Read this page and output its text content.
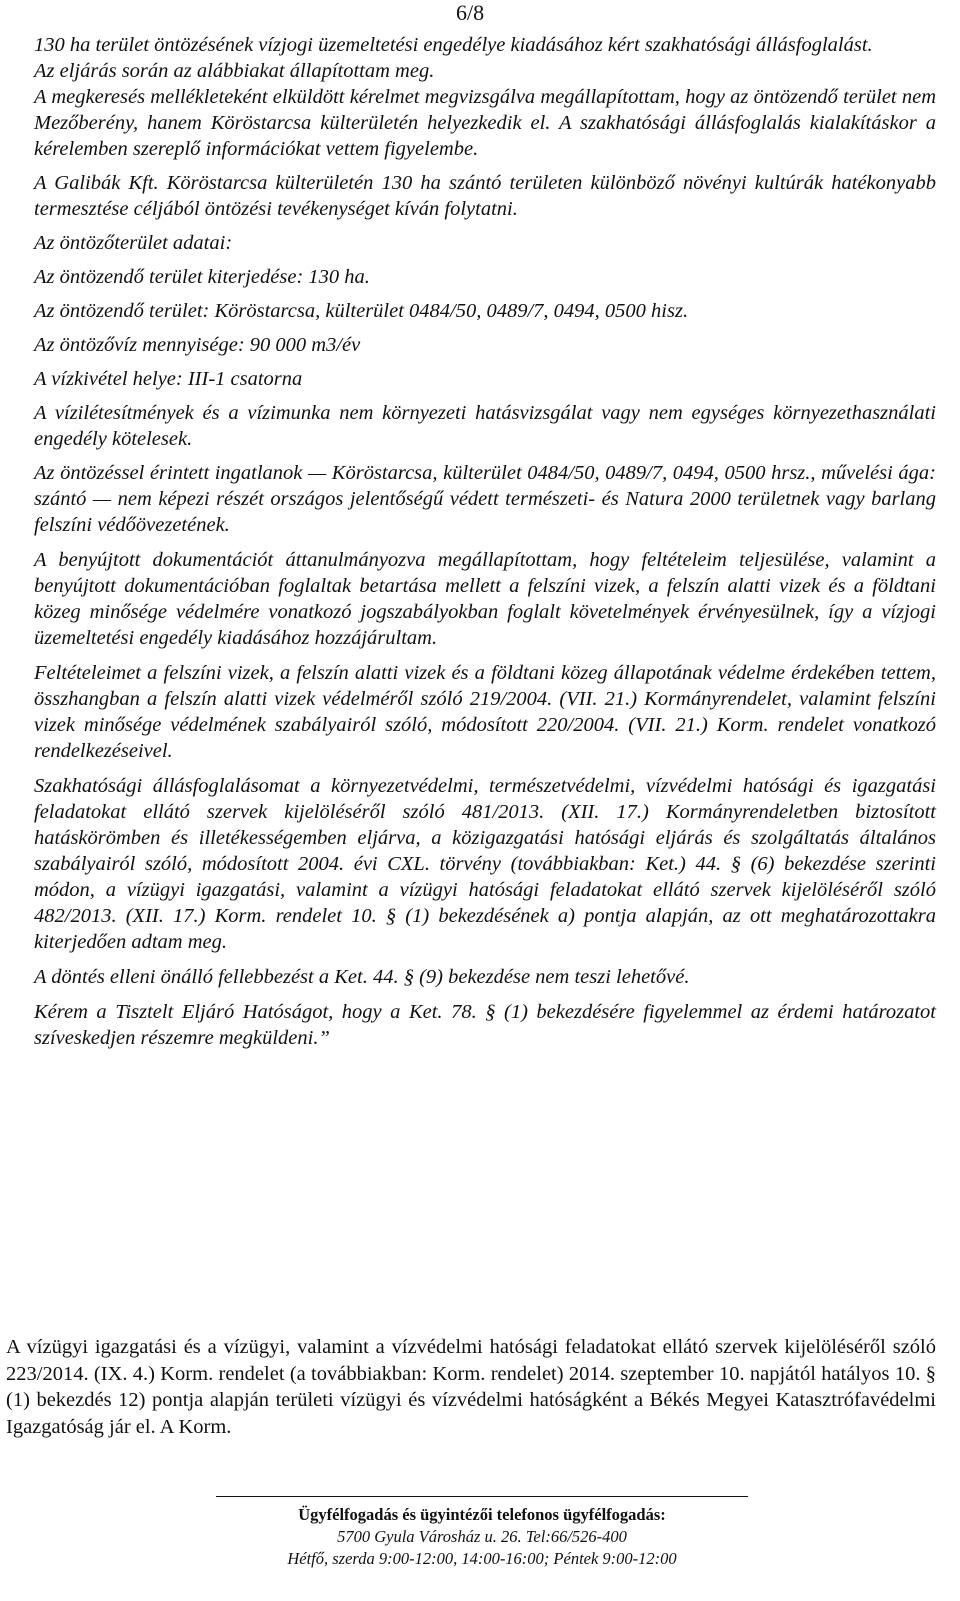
6/8

130 ha terület öntözésének vízjogi üzemeltetési engedélye kiadásához kért szakhatósági állásfoglalást.

Az eljárás során az alábbiakat állapítottam meg.

A megkeresés mellékleteként elküldött kérelmet megvizsgálva megállapítottam, hogy az öntözendő terület nem Mezőberény, hanem Köröstarcsa külterületén helyezkedik el. A szakhatósági állásfoglalás kialakításkor a kérelemben szereplő információkat vettem figyelembe.

A Galibák Kft. Köröstarcsa külterületén 130 ha szántó területen különböző növényi kultúrák hatékonyabb termesztése céljából öntözési tevékenységet kíván folytatni.

Az öntözőterület adatai:

Az öntözendő terület kiterjedése: 130 ha.

Az öntözendő terület: Köröstarcsa, külterület 0484/50, 0489/7, 0494, 0500 hisz.

Az öntözővíz mennyisége: 90 000 m3/év

A vízkivétel helye: III-1 csatorna

A vízilétesítmények és a vízimunka nem környezeti hatásvizsgálat vagy nem egységes környezethasználati engedély kötelesek.

Az öntözéssel érintett ingatlanok — Köröstarcsa, külterület 0484/50, 0489/7, 0494, 0500 hrsz., művelési ága: szántó — nem képezi részét országos jelentőségű védett természeti- és Natura 2000 területnek vagy barlang felszíni védőövezetének.

A benyújtott dokumentációt áttanulmányozva megállapítottam, hogy feltételeim teljesülése, valamint a benyújtott dokumentációban foglaltak betartása mellett a felszíni vizek, a felszín alatti vizek és a földtani közeg minősége védelmére vonatkozó jogszabályokban foglalt követelmények érvényesülnek, így a vízjogi üzemeltetési engedély kiadásához hozzájárultam.

Feltételeimet a felszíni vizek, a felszín alatti vizek és a földtani közeg állapotának védelme érdekében tettem, összhangban a felszín alatti vizek védelméről szóló 219/2004. (VII. 21.) Kormányrendelet, valamint felszíni vizek minősége védelmének szabályairól szóló, módosított 220/2004. (VII. 21.) Korm. rendelet vonatkozó rendelkezéseivel.

Szakhatósági állásfoglalásomat a környezetvédelmi, természetvédelmi, vízvédelmi hatósági és igazgatási feladatokat ellátó szervek kijelöléséről szóló 481/2013. (XII. 17.) Kormányrendeletben biztosított hatáskörömben és illetékességemben eljárva, a közigazgatási hatósági eljárás és szolgáltatás általános szabályairól szóló, módosított 2004. évi CXL. törvény (továbbiakban: Ket.) 44. § (6) bekezdése szerinti módon, a vízügyi igazgatási, valamint a vízügyi hatósági feladatokat ellátó szervek kijelöléséről szóló 482/2013. (XII. 17.) Korm. rendelet 10. § (1) bekezdésének a) pontja alapján, az ott meghatározottakra kiterjedően adtam meg.

A döntés elleni önálló fellebbezést a Ket. 44. § (9) bekezdése nem teszi lehetővé.

Kérem a Tisztelt Eljáró Hatóságot, hogy a Ket. 78. § (1) bekezdésére figyelemmel az érdemi határozatot szíveskedjen részemre megküldeni.”

A vízügyi igazgatási és a vízügyi, valamint a vízvédelmi hatósági feladatokat ellátó szervek kijelöléséről szóló 223/2014. (IX. 4.) Korm. rendelet (a továbbiakban: Korm. rendelet) 2014. szeptember 10. napjától hatályos 10. § (1) bekezdés 12) pontja alapján területi vízügyi és vízvédelmi hatóságként a Békés Megyei Katasztrófavédelmi Igazgatóság jár el. A Korm.

Ügyfélfogadás és ügyintézői telefonos ügyfélfogadás:
5700 Gyula Városház u. 26. Tel:66/526-400
Hétfő, szerda 9:00-12:00, 14:00-16:00; Péntek 9:00-12:00
